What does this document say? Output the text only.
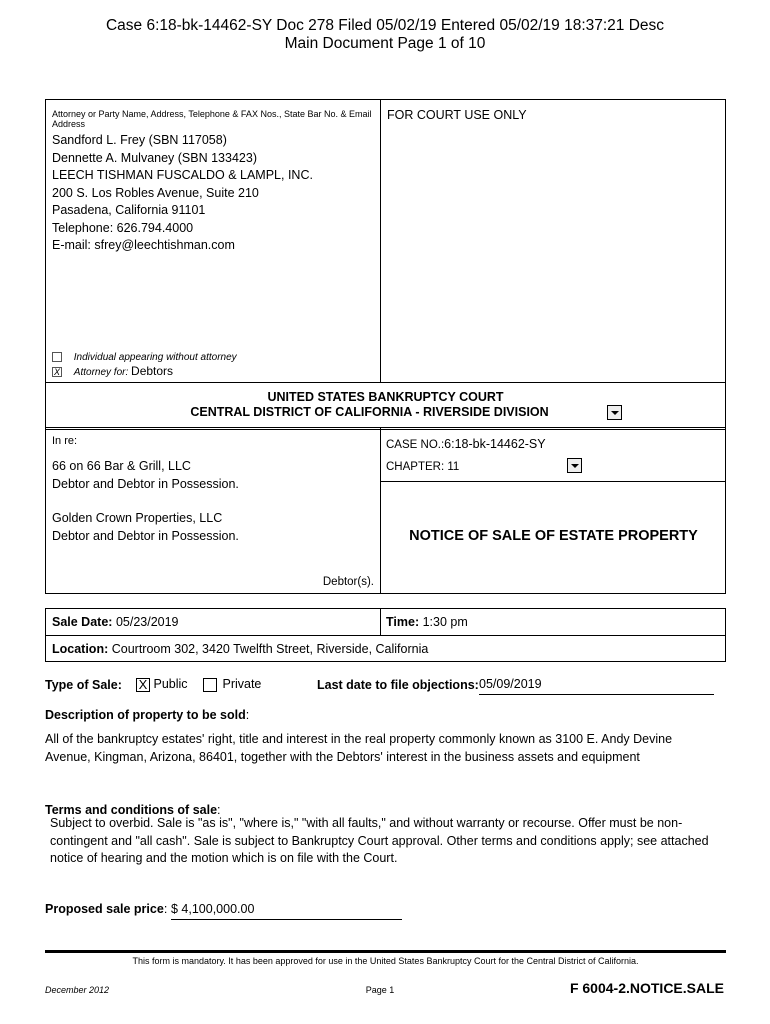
Case 6:18-bk-14462-SY Doc 278 Filed 05/02/19 Entered 05/02/19 18:37:21 Desc
Main Document Page 1 of 10
Attorney or Party Name, Address, Telephone & FAX Nos., State Bar No. & Email Address
Sandford L. Frey (SBN 117058)
Dennette A. Mulvaney (SBN 133423)
LEECH TISHMAN FUSCALDO & LAMPL, INC.
200 S. Los Robles Avenue, Suite 210
Pasadena, California 91101
Telephone: 626.794.4000
E-mail: sfrey@leechtishman.com
Individual appearing without attorney
X Attorney for: Debtors
FOR COURT USE ONLY
UNITED STATES BANKRUPTCY COURT
CENTRAL DISTRICT OF CALIFORNIA - RIVERSIDE DIVISION
In re:
66 on 66 Bar & Grill, LLC
Debtor and Debtor in Possession.
Golden Crown Properties, LLC
Debtor and Debtor in Possession.
Debtor(s).
CASE NO.:6:18-bk-14462-SY
CHAPTER: 11
NOTICE OF SALE OF ESTATE PROPERTY
Sale Date: 05/23/2019	Time: 1:30 pm
Location: Courtroom 302, 3420 Twelfth Street, Riverside, California
Type of Sale: X Public	Private	Last date to file objections: 05/09/2019
Description of property to be sold:
All of the bankruptcy estates' right, title and interest in the real property commonly known as 3100 E. Andy Devine Avenue, Kingman, Arizona, 86401, together with the Debtors' interest in the business assets and equipment
Terms and conditions of sale:
Subject to overbid. Sale is "as is", "where is," "with all faults," and without warranty or recourse. Offer must be non-contingent and "all cash". Sale is subject to Bankruptcy Court approval. Other terms and conditions apply; see attached notice of hearing and the motion which is on file with the Court.
Proposed sale price: $ 4,100,000.00
This form is mandatory. It has been approved for use in the United States Bankruptcy Court for the Central District of California.
December 2012	Page 1	F 6004-2.NOTICE.SALE
